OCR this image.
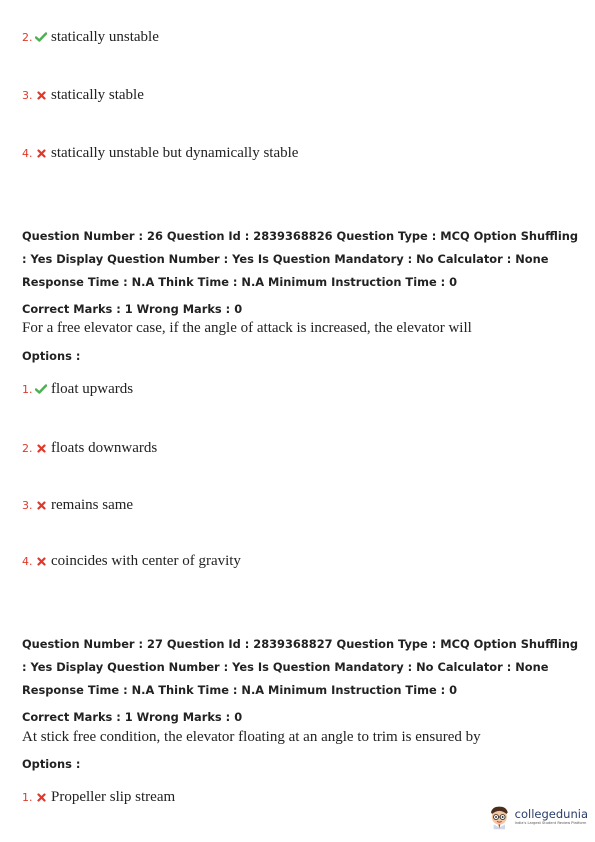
2. statically unstable
3. statically stable
4. statically unstable but dynamically stable
Question Number : 26 Question Id : 2839368826 Question Type : MCQ Option Shuffling : Yes Display Question Number : Yes Is Question Mandatory : No Calculator : None Response Time : N.A Think Time : N.A Minimum Instruction Time : 0
Correct Marks : 1 Wrong Marks : 0
For a free elevator case, if the angle of attack is increased, the elevator will
Options :
1. float upwards
2. floats downwards
3. remains same
4. coincides with center of gravity
Question Number : 27 Question Id : 2839368827 Question Type : MCQ Option Shuffling : Yes Display Question Number : Yes Is Question Mandatory : No Calculator : None Response Time : N.A Think Time : N.A Minimum Instruction Time : 0
Correct Marks : 1 Wrong Marks : 0
At stick free condition, the elevator floating at an angle to trim is ensured by
Options :
1. Propeller slip stream
collegedunia
India's Largest Student Review Platform
